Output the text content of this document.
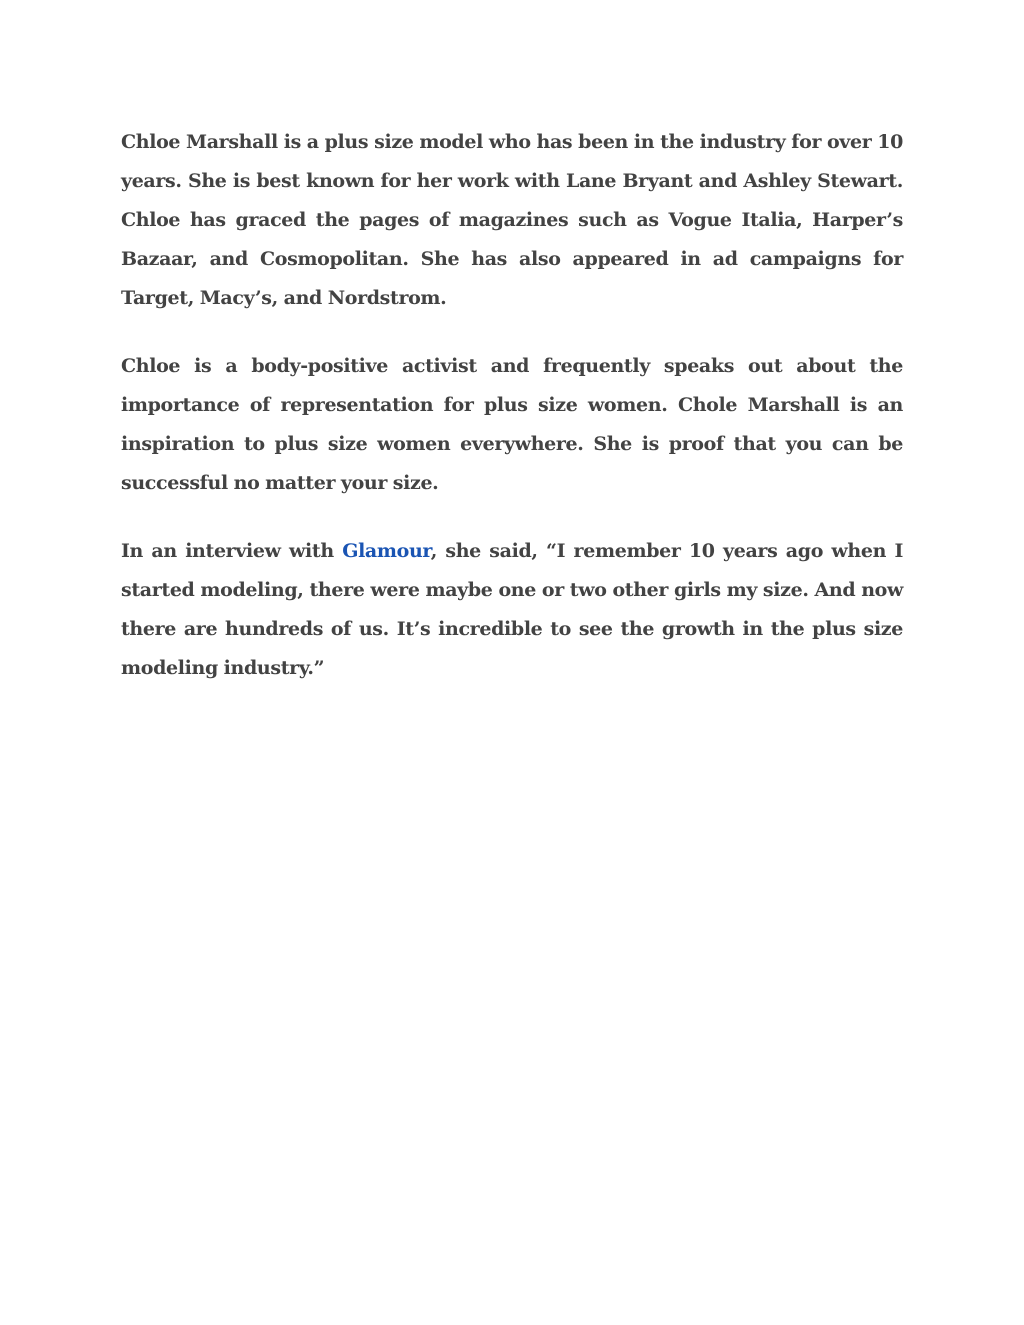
Chloe Marshall is a plus size model who has been in the industry for over 10 years. She is best known for her work with Lane Bryant and Ashley Stewart. Chloe has graced the pages of magazines such as Vogue Italia, Harper’s Bazaar, and Cosmopolitan. She has also appeared in ad campaigns for Target, Macy’s, and Nordstrom.

Chloe is a body-positive activist and frequently speaks out about the importance of representation for plus size women. Chole Marshall is an inspiration to plus size women everywhere. She is proof that you can be successful no matter your size.

In an interview with Glamour, she said, “I remember 10 years ago when I started modeling, there were maybe one or two other girls my size. And now there are hundreds of us. It’s incredible to see the growth in the plus size modeling industry.”
